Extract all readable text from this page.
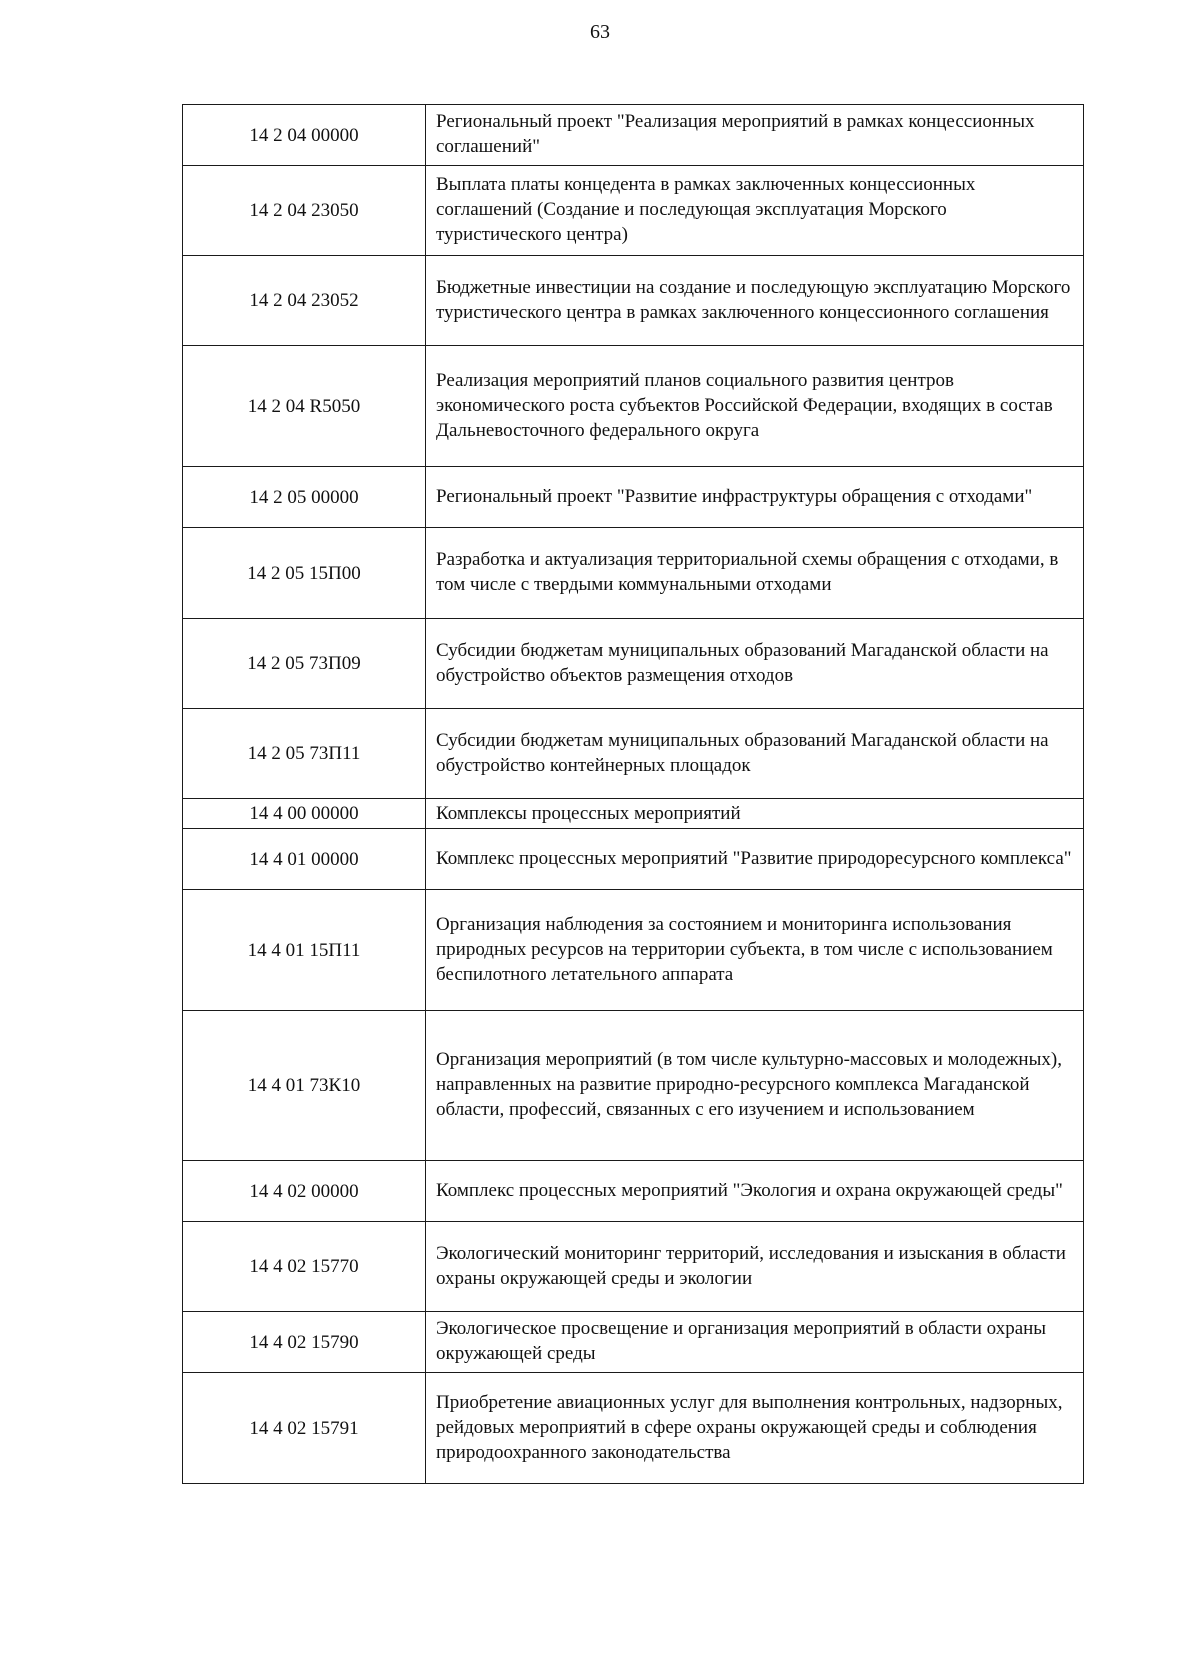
63
14 2 04 00000	Региональный проект "Реализация мероприятий в рамках концессионных соглашений"
14 2 04 23050	Выплата платы концедента в рамках заключенных концессионных соглашений (Создание и последующая эксплуатация Морского туристического центра)
14 2 04 23052	Бюджетные инвестиции на создание и последующую эксплуатацию Морского туристического центра в рамках заключенного концессионного соглашения
14 2 04 R5050	Реализация мероприятий планов социального развития центров экономического роста субъектов Российской Федерации, входящих в состав Дальневосточного федерального округа
14 2 05 00000	Региональный проект "Развитие инфраструктуры обращения с отходами"
14 2 05 15П00	Разработка и актуализация территориальной схемы обращения с отходами, в том числе с твердыми коммунальными отходами
14 2 05 73П09	Субсидии бюджетам муниципальных образований Магаданской области на обустройство объектов размещения отходов
14 2 05 73П11	Субсидии бюджетам муниципальных образований Магаданской области на обустройство контейнерных площадок
14 4 00 00000	Комплексы процессных мероприятий
14 4 01 00000	Комплекс процессных мероприятий "Развитие природоресурсного комплекса"
14 4 01 15П11	Организация наблюдения за состоянием и мониторинга использования природных ресурсов на территории субъекта, в том числе с использованием беспилотного летательного аппарата
14 4 01 73К10	Организация мероприятий (в том числе культурно-массовых и молодежных), направленных на развитие природно-ресурсного комплекса Магаданской области, профессий, связанных с его изучением и использованием
14 4 02 00000	Комплекс процессных мероприятий "Экология и охрана окружающей среды"
14 4 02 15770	Экологический мониторинг территорий, исследования и изыскания в области охраны окружающей среды и экологии
14 4 02 15790	Экологическое просвещение и организация мероприятий в области охраны окружающей среды
14 4 02 15791	Приобретение авиационных услуг для выполнения контрольных, надзорных, рейдовых мероприятий в сфере охраны окружающей среды и соблюдения природоохранного законодательства
